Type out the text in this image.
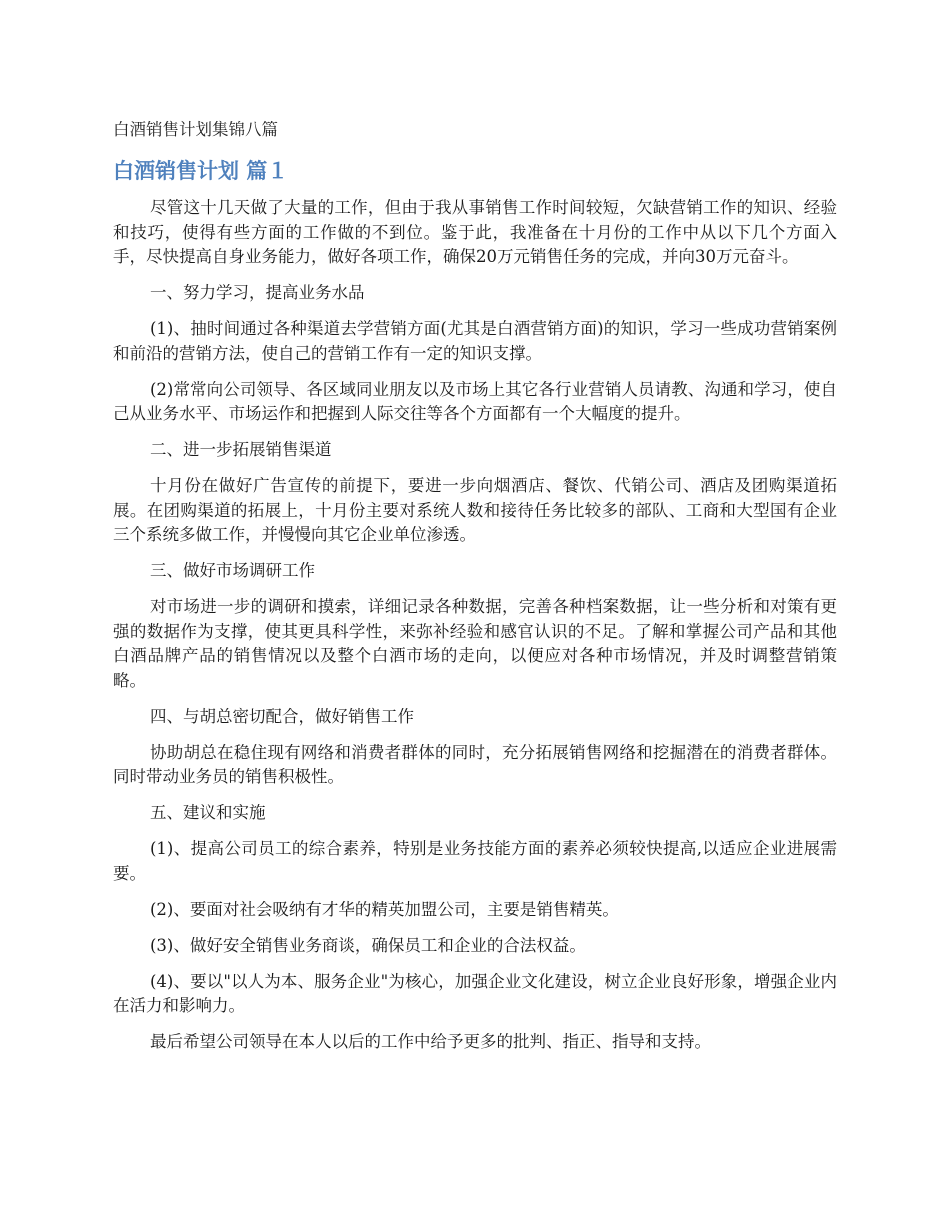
白酒销售计划集锦八篇
白酒销售计划 篇１

尽管这十几天做了大量的工作，但由于我从事销售工作时间较短，欠缺营销工作的知识、经验和技巧，使得有些方面的工作做的不到位。鉴于此，我准备在十月份的工作中从以下几个方面入手，尽快提高自身业务能力，做好各项工作，确保20万元销售任务的完成，并向30万元奋斗。

一、努力学习，提高业务水品

(1)、抽时间通过各种渠道去学营销方面(尤其是白酒营销方面)的知识，学习一些成功营销案例和前沿的营销方法，使自己的营销工作有一定的知识支撑。

(2)常常向公司领导、各区域同业朋友以及市场上其它各行业营销人员请教、沟通和学习，使自己从业务水平、市场运作和把握到人际交往等各个方面都有一个大幅度的提升。

二、进一步拓展销售渠道

十月份在做好广告宣传的前提下，要进一步向烟酒店、餐饮、代销公司、酒店及团购渠道拓展。在团购渠道的拓展上，十月份主要对系统人数和接待任务比较多的部队、工商和大型国有企业三个系统多做工作，并慢慢向其它企业单位渗透。

三、做好市场调研工作

对市场进一步的调研和摸索，详细记录各种数据，完善各种档案数据，让一些分析和对策有更强的数据作为支撑，使其更具科学性，来弥补经验和感官认识的不足。了解和掌握公司产品和其他白酒品牌产品的销售情况以及整个白酒市场的走向，以便应对各种市场情况，并及时调整营销策略。

四、与胡总密切配合，做好销售工作

协助胡总在稳住现有网络和消费者群体的同时，充分拓展销售网络和挖掘潜在的消费者群体。同时带动业务员的销售积极性。

五、建议和实施

(1)、提高公司员工的综合素养，特别是业务技能方面的素养必须较快提高,以适应企业进展需要。

(2)、要面对社会吸纳有才华的精英加盟公司，主要是销售精英。

(3)、做好安全销售业务商谈，确保员工和企业的合法权益。

(4)、要以"以人为本、服务企业"为核心，加强企业文化建设，树立企业良好形象，增强企业内在活力和影响力。

最后希望公司领导在本人以后的工作中给予更多的批判、指正、指导和支持。
